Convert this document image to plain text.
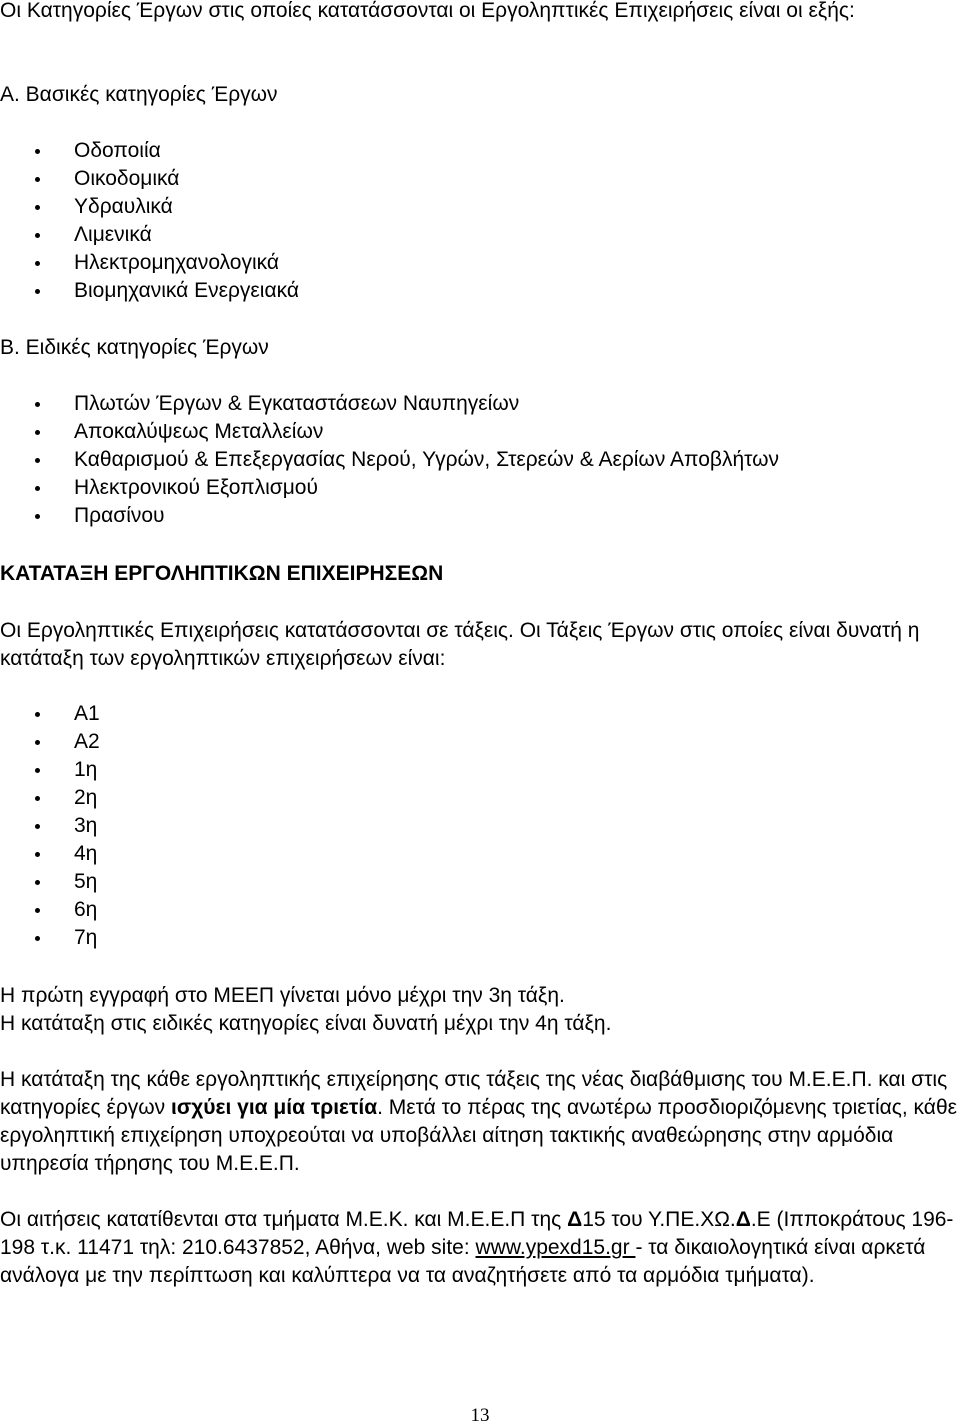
Οι Κατηγορίες Έργων στις οποίες κατατάσσονται οι Εργοληπτικές Επιχειρήσεις είναι οι εξής:

Α. Βασικές κατηγορίες Έργων

Οδοποιία
Οικοδομικά
Υδραυλικά
Λιμενικά
Ηλεκτρομηχανολογικά
Βιομηχανικά Ενεργειακά

Β. Ειδικές κατηγορίες Έργων

Πλωτών Έργων & Εγκαταστάσεων Ναυπηγείων
Αποκαλύψεως Μεταλλείων
Καθαρισμού & Επεξεργασίας Νερού, Υγρών, Στερεών & Αερίων Αποβλήτων
Ηλεκτρονικού Εξοπλισμού
Πρασίνου

ΚΑΤΑΤΑΞΗ ΕΡΓΟΛΗΠΤΙΚΩΝ ΕΠΙΧΕΙΡΗΣΕΩΝ

Οι Εργοληπτικές Επιχειρήσεις κατατάσσονται σε τάξεις. Οι Τάξεις Έργων στις οποίες είναι δυνατή η κατάταξη των εργοληπτικών επιχειρήσεων είναι:

Α1
Α2
1η
2η
3η
4η
5η
6η
7η

Η πρώτη εγγραφή στο ΜΕΕΠ γίνεται μόνο μέχρι την 3η τάξη.

Η κατάταξη στις ειδικές κατηγορίες είναι δυνατή μέχρι την 4η τάξη.

Η κατάταξη της κάθε εργοληπτικής επιχείρησης στις τάξεις της νέας διαβάθμισης του Μ.Ε.Ε.Π. και στις κατηγορίες έργων ισχύει για μία τριετία. Μετά το πέρας της ανωτέρω προσδιοριζόμενης τριετίας, κάθε εργοληπτική επιχείρηση υποχρεούται να υποβάλλει αίτηση τακτικής αναθεώρησης στην αρμόδια υπηρεσία τήρησης του Μ.Ε.Ε.Π.

Οι αιτήσεις κατατίθενται στα τμήματα Μ.Ε.Κ. και Μ.Ε.Ε.Π της Δ15 του Υ.ΠΕ.ΧΩ.Δ.Ε (Ιπποκράτους 196-198 τ.κ. 11471 τηλ: 210.6437852, Αθήνα, web site: www.ypexd15.gr - τα δικαιολογητικά είναι αρκετά ανάλογα με την περίπτωση και καλύπτερα να τα αναζητήσετε από τα αρμόδια τμήματα).

13
